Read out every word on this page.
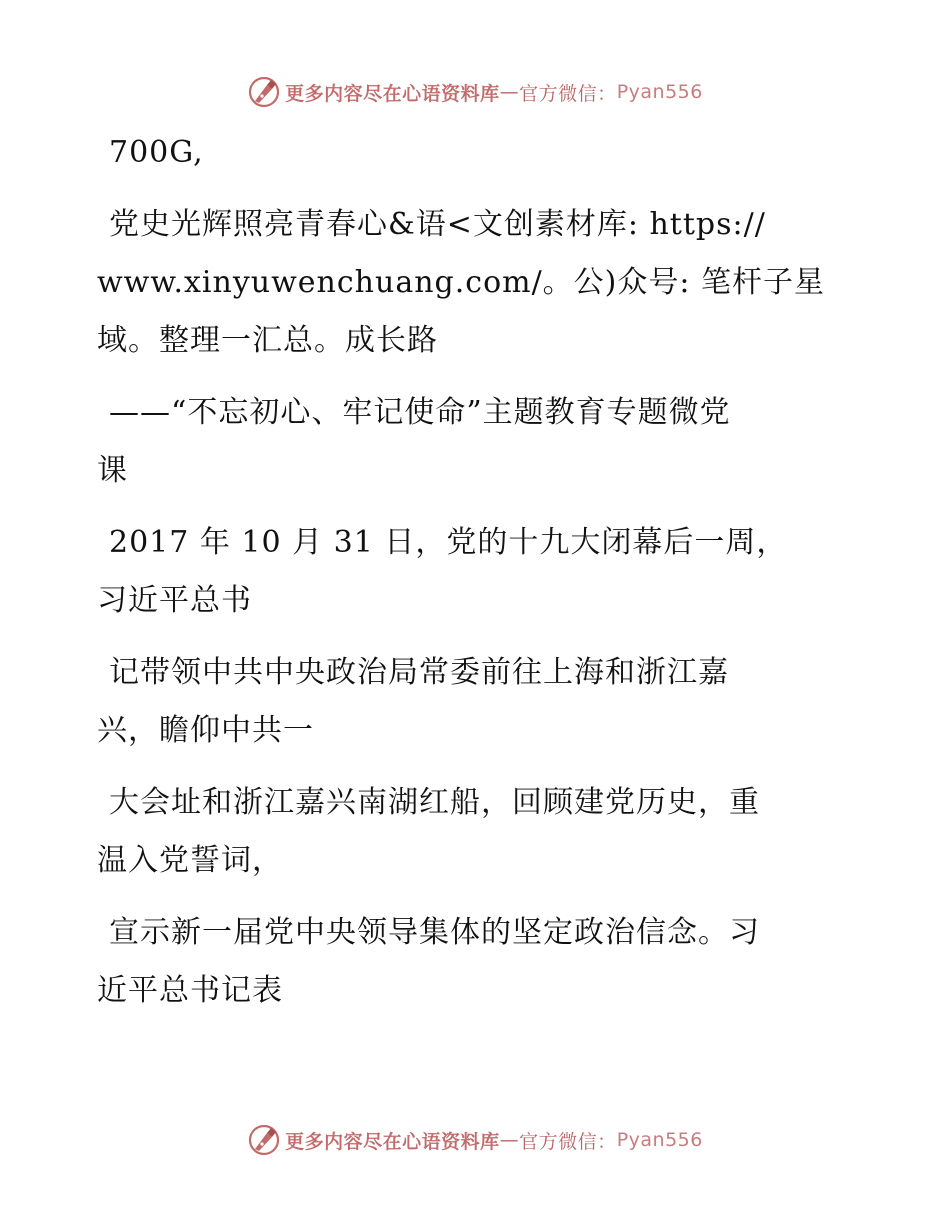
更多内容尽在心语资料库 — 官方微信： Pyan556

700G,

党史光辉照亮青春心&语<文创素材库: https://
www.xinyuwenchuang.com/。公)众号: 笔杆子星
域。整理一汇总。成长路

——“不忘初心、牢记使命”主题教育专题微党
课

2017 年 10 月 31 日，党的十九大闭幕后一周，
习近平总书

记带领中共中央政治局常委前往上海和浙江嘉
兴，瞻仰中共一

大会址和浙江嘉兴南湖红船，回顾建党历史，重
温入党誓词，

宣示新一届党中央领导集体的坚定政治信念。习
近平总书记表

更多内容尽在心语资料库 — 官方微信： Pyan556
